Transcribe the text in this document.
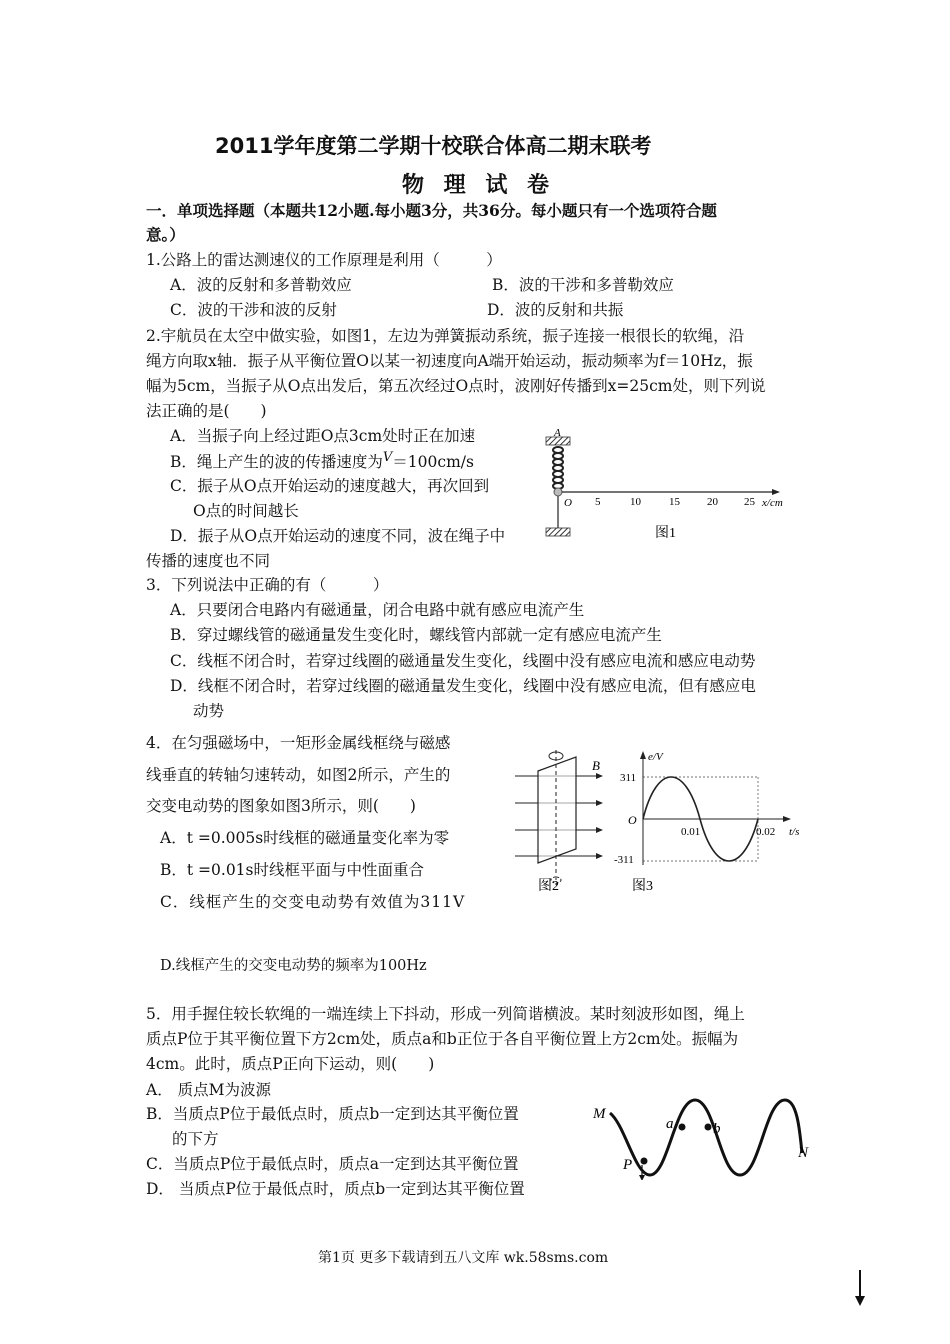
2011学年度第二学期十校联合体高二期末联考
物 理 试 卷
一．单项选择题（本题共12小题.每小题3分，共36分。每小题只有一个选项符合题
意。）
1.公路上的雷达测速仪的工作原理是利用（　　　）
A．波的反射和多普勒效应	B．波的干涉和多普勒效应
C．波的干涉和波的反射	D．波的反射和共振
2.宇航员在太空中做实验，如图1，左边为弹簧振动系统，振子连接一根很长的软绳，沿
绳方向取x轴．振子从平衡位置O以某一初速度向A端开始运动，振动频率为f＝10Hz，振
幅为5cm，当振子从O点出发后，第五次经过O点时，波刚好传播到x=25cm处，则下列说
法正确的是(　　)
A．当振子向上经过距O点3cm处时正在加速
B．绳上产生的波的传播速度为$^V$＝100cm/s
C．振子从O点开始运动的速度越大，再次回到
O点的时间越长
D．振子从O点开始运动的速度不同，波在绳子中
传播的速度也不同
A
O 5	10	15 20 25 x/cm
图1
3．下列说法中正确的有（　　　）
A．只要闭合电路内有磁通量，闭合电路中就有感应电流产生
B．穿过螺线管的磁通量发生变化时，螺线管内部就一定有感应电流产生
C．线框不闭合时，若穿过线圈的磁通量发生变化，线圈中没有感应电流和感应电动势
D．线框不闭合时，若穿过线圈的磁通量发生变化，线圈中没有感应电流，但有感应电
动势
4．在匀强磁场中，一矩形金属线框绕与磁感
线垂直的转轴匀速转动，如图2所示，产生的
交变电动势的图象如图3所示，则(　　)
A．t =0.005s时线框的磁通量变化率为零
B．t =0.01s时线框平面与中性面重合
C．线框产生的交变电动势有效值为311V
D.线框产生的交变电动势的频率为100Hz
B
图2
e/V
t/s
O
311
-311
0.01	0.02
图3
5．用手握住较长软绳的一端连续上下抖动，形成一列简谐横波。某时刻波形如图，绳上
质点P位于其平衡位置下方2cm处，质点a和b正位于各自平衡位置上方2cm处。振幅为
4cm。此时，质点P正向下运动，则(　　)
A． 质点M为波源
B．当质点P位于最低点时，质点b一定到达其平衡位置
的下方
C．当质点P位于最低点时，质点a一定到达其平衡位置
D． 当质点P位于最低点时，质点b一定到达其平衡位置
M
N
P
a	b
第1页 更多下载请到五八文库 wk.58sms.com
